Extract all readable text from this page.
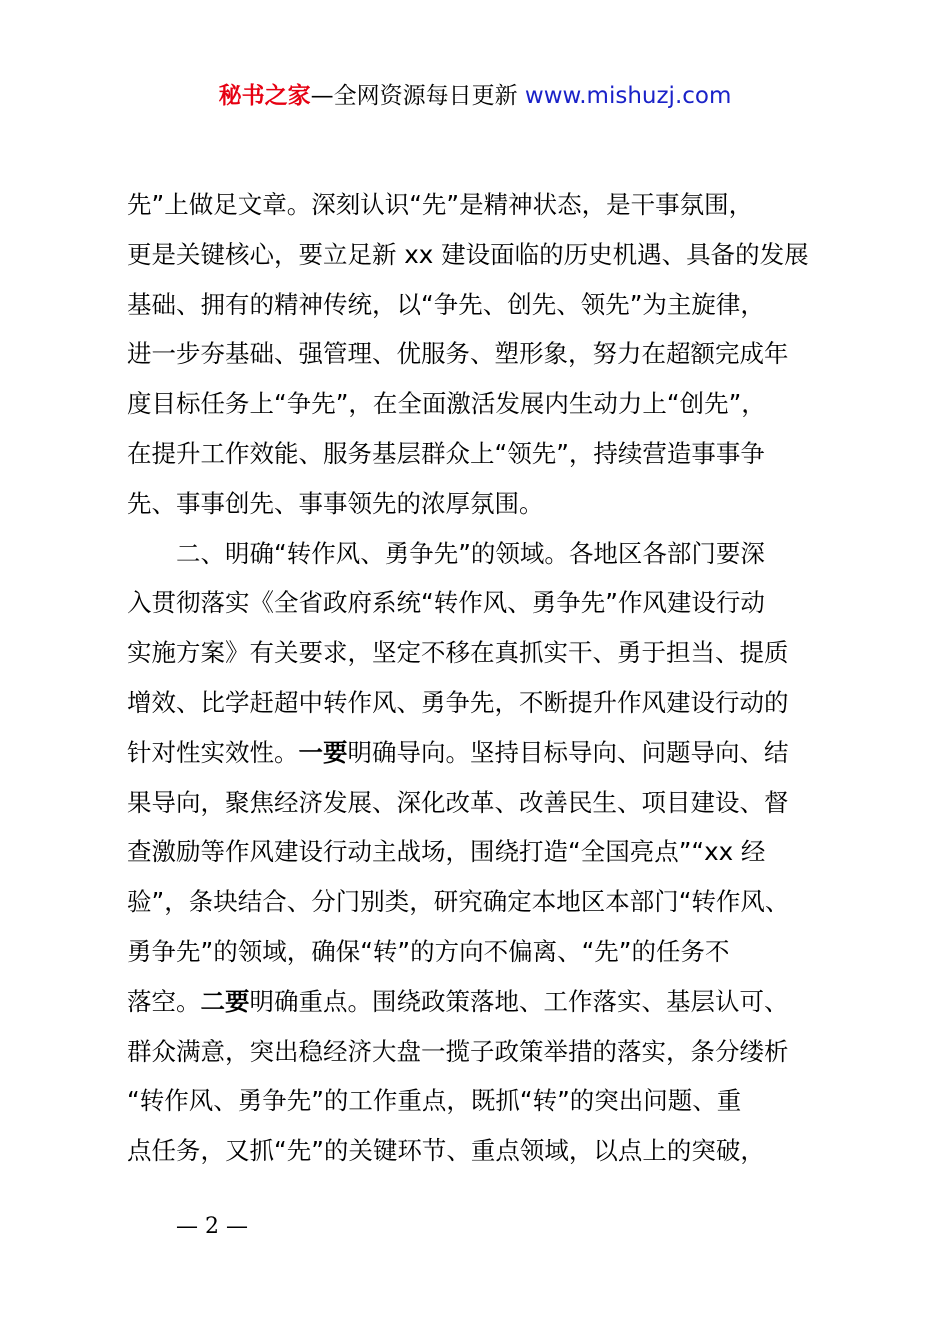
秘书之家—全网资源每日更新 www.mishuzj.com
先”上做足文章。深刻认识“先”是精神状态，是干事氛围，
更是关键核心，要立足新 xx 建设面临的历史机遇、具备的发展
基础、拥有的精神传统，以“争先、创先、领先”为主旋律，
进一步夯基础、强管理、优服务、塑形象，努力在超额完成年
度目标任务上“争先”，在全面激活发展内生动力上“创先”，
在提升工作效能、服务基层群众上“领先”，持续营造事事争
先、事事创先、事事领先的浓厚氛围。
二、明确“转作风、勇争先”的领域。各地区各部门要深
入贯彻落实《全省政府系统“转作风、勇争先”作风建设行动
实施方案》有关要求，坚定不移在真抓实干、勇于担当、提质
增效、比学赶超中转作风、勇争先，不断提升作风建设行动的
针对性实效性。一要明确导向。坚持目标导向、问题导向、结
果导向，聚焦经济发展、深化改革、改善民生、项目建设、督
查激励等作风建设行动主战场，围绕打造“全国亮点”“xx 经
验”，条块结合、分门别类，研究确定本地区本部门“转作风、
勇争先”的领域，确保“转”的方向不偏离、“先”的任务不
落空。二要明确重点。围绕政策落地、工作落实、基层认可、
群众满意，突出稳经济大盘一揽子政策举措的落实，条分缕析
“转作风、勇争先”的工作重点，既抓“转”的突出问题、重
点任务，又抓“先”的关键环节、重点领域，以点上的突破，
— 2 —
